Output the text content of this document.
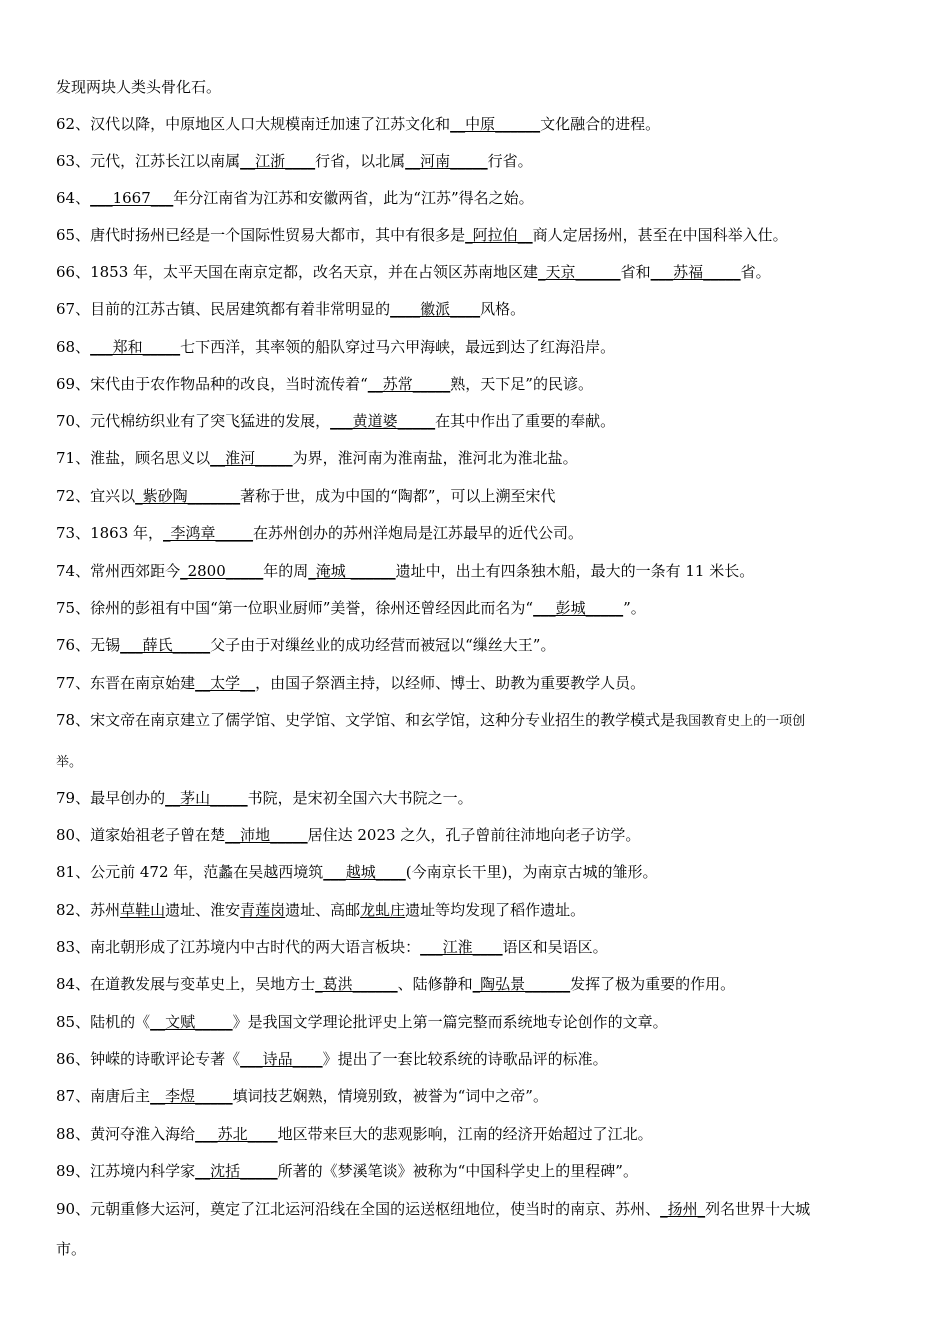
发现两块人类头骨化石。
62、汉代以降，中原地区人口大规模南迁加速了江苏文化和__中原______文化融合的进程。
63、元代，江苏长江以南属__江浙____行省，以北属__河南_____行省。
64、___1667___年分江南省为江苏和安徽两省，此为“江苏”得名之始。
65、唐代时扬州已经是一个国际性贸易大都市，其中有很多是_阿拉伯__商人定居扬州，甚至在中国科举入仕。
66、1853 年，太平天国在南京定都，改名天京，并在占领区苏南地区建_天京______省和___苏福_____省。
67、目前的江苏古镇、民居建筑都有着非常明显的____徽派____风格。
68、___郑和_____七下西洋，其率领的船队穿过马六甲海峡，最远到达了红海沿岸。
69、宋代由于农作物品种的改良，当时流传着“__苏常_____熟，天下足”的民谚。
70、元代棉纺织业有了突飞猛进的发展，___黄道婆_____在其中作出了重要的奉献。
71、淮盐，顾名思义以__淮河_____为界，淮河南为淮南盐，淮河北为淮北盐。
72、宜兴以_紫砂陶_______著称于世，成为中国的“陶都”，可以上溯至宋代
73、1863 年，_李鸿章_____在苏州创办的苏州洋炮局是江苏最早的近代公司。
74、常州西郊距今_2800_____年的周_淹城 ______遗址中，出土有四条独木船，最大的一条有 11 米长。
75、徐州的彭祖有中国“第一位职业厨师”美誉，徐州还曾经因此而名为“___彭城_____”。
76、无锡___薛氏_____父子由于对缫丝业的成功经营而被冠以“缫丝大王”。
77、东晋在南京始建__太学__，由国子祭酒主持，以经师、博士、助教为重要教学人员。
78、宋文帝在南京建立了儒学馆、史学馆、文学馆、和玄学馆，这种分专业招生的教学模式是我国教育史上的一项创
举。
79、最早创办的__茅山_____书院，是宋初全国六大书院之一。
80、道家始祖老子曾在楚__沛地_____居住达 2023 之久，孔子曾前往沛地向老子访学。
81、公元前 472 年，范蠡在吴越西境筑___越城____(今南京长干里)，为南京古城的雏形。
82、苏州草鞋山遗址、淮安青莲岗遗址、高邮龙虬庄遗址等均发现了稻作遗址。
83、南北朝形成了江苏境内中古时代的两大语言板块：___江淮____语区和吴语区。
84、在道教发展与变革史上，吴地方士_葛洪______、陆修静和_陶弘景______发挥了极为重要的作用。
85、陆机的《__文赋_____》是我国文学理论批评史上第一篇完整而系统地专论创作的文章。
86、钟嵘的诗歌评论专著《___诗品____》提出了一套比较系统的诗歌品评的标准。
87、南唐后主__李煜_____填词技艺娴熟，情境别致，被誉为“词中之帝”。
88、黄河夺淮入海给___苏北____地区带来巨大的悲观影响，江南的经济开始超过了江北。
89、江苏境内科学家__沈括_____所著的《梦溪笔谈》被称为“中国科学史上的里程碑”。
90、元朝重修大运河，奠定了江北运河沿线在全国的运送枢纽地位，使当时的南京、苏州、_扬州_列名世界十大城
市。
